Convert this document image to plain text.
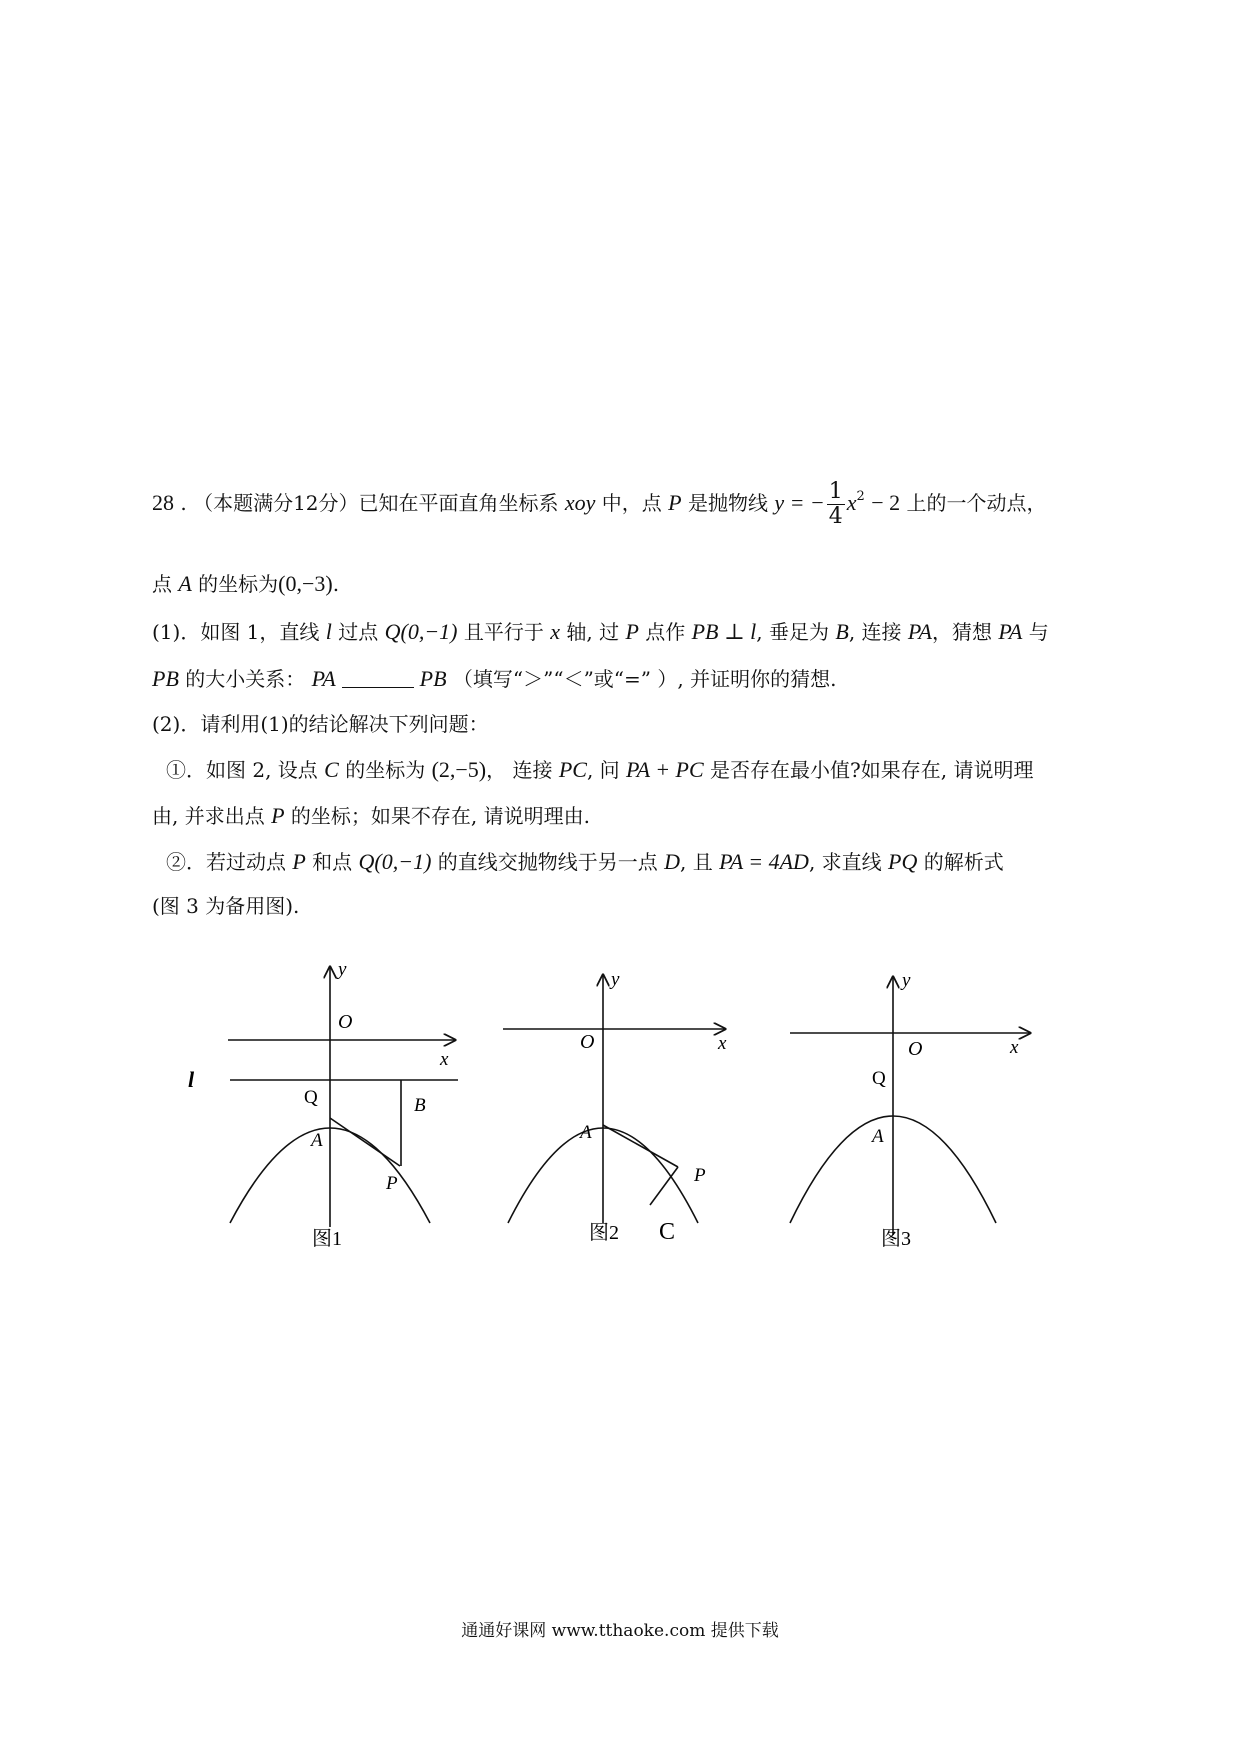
28 . （本题满分12分）已知在平面直角坐标系 xoy 中，点 P 是抛物线 y = − $\frac{1}{4} x^2 - 2$ 上的一个动点，
点 A 的坐标为(0,−3).
(1)．如图 1，直线 l 过点 Q(0,−1) 且平行于 x 轴, 过 P 点作 PB ⊥ l, 垂足为 B, 连接 PA，猜想 PA 与
PB 的大小关系： PA	PB （填写“＞”“＜”或“=” ）, 并证明你的猜想.
(2)．请利用(1)的结论解决下列问题：
①．如图 2, 设点 C 的坐标为 (2,−5)， 连接 PC, 问 PA + PC 是否存在最小值?如果存在, 请说明理
由, 并求出点 P 的坐标；如果不存在, 请说明理由.
②．若过动点 P 和点 Q(0,−1) 的直线交抛物线于另一点 D, 且 PA = 4AD, 求直线 PQ 的解析式
(图 3 为备用图).
y
O
x
l
Q	B
A
P
图1
y
O	x
A
P
C
图2
y
O	x
Q
A
图3
通通好课网 www.tthaoke.com 提供下载
